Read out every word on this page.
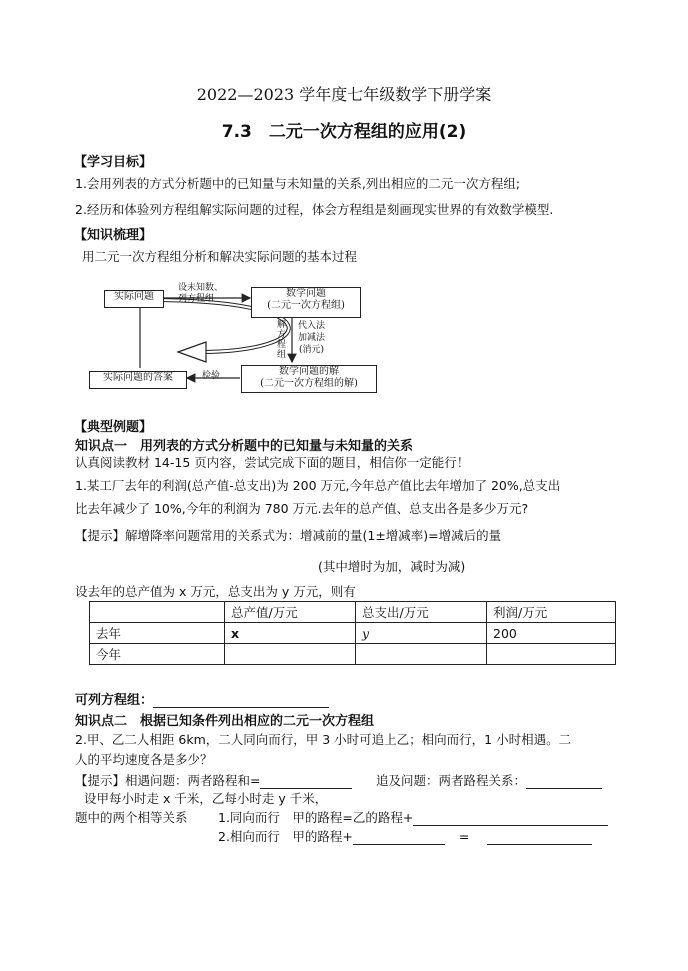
2022—2023 学年度七年级数学下册学案
7.3　二元一次方程组的应用(2)
【学习目标】
1.会用列表的方式分析题中的已知量与未知量的关系,列出相应的二元一次方程组;
2.经历和体验列方程组解实际问题的过程，体会方程组是刻画现实世界的有效数学模型.
【知识梳理】
用二元一次方程组分析和解决实际问题的基本过程
实际问题
设未知数、
列方程组	数学问题
(二元一次方程组)
解
方
程
组
代入法
加减法
(消元)
数学问题的解
(二元一次方程组的解)
检验
实际问题的答案
【典型例题】
知识点一　用列表的方式分析题中的已知量与未知量的关系
认真阅读教材 14-15 页内容，尝试完成下面的题目，相信你一定能行！
1.某工厂去年的利润(总产值-总支出)为 200 万元,今年总产值比去年增加了 20%,总支出
比去年减少了 10%,今年的利润为 780 万元.去年的总产值、总支出各是多少万元?
【提示】解增降率问题常用的关系式为：增减前的量(1±增减率)=增减后的量
(其中增时为加，减时为减)
设去年的总产值为 x 万元，总支出为 y 万元，则有
	总产值/万元	总支出/万元	利润/万元
去年	x	y	200
今年			
可列方程组：
知识点二　根据已知条件列出相应的二元一次方程组
2.甲、乙二人相距 6km，二人同向而行，甲 3 小时可追上乙；相向而行，1 小时相遇。二
人的平均速度各是多少？
【提示】相遇问题：两者路程和=	追及问题：两者路程关系：
设甲每小时走 x 千米，乙每小时走 y 千米，
题中的两个相等关系 1.同向而行　甲的路程=乙的路程+
2.相向而行　甲的路程+	=
